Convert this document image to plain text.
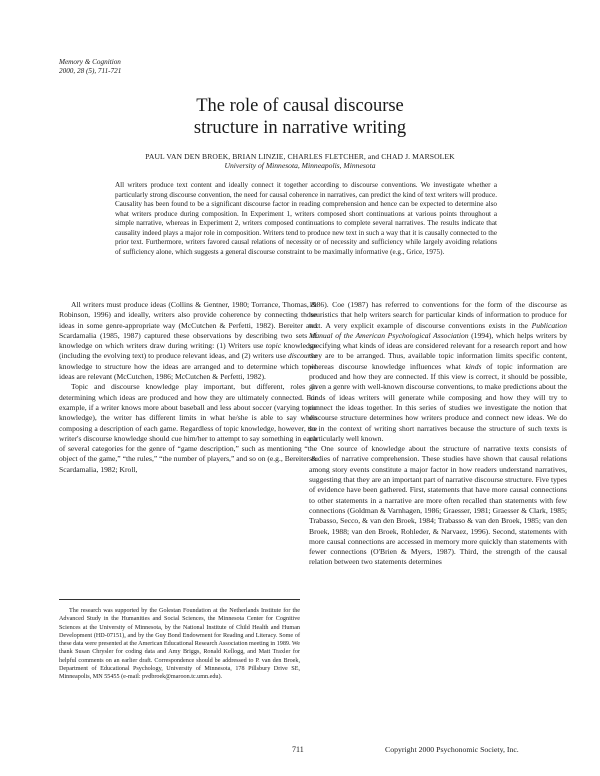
Memory & Cognition
2000, 28 (5), 711-721
The role of causal discourse
structure in narrative writing
PAUL VAN DEN BROEK, BRIAN LINZIE, CHARLES FLETCHER, and CHAD J. MARSOLEK
University of Minnesota, Minneapolis, Minnesota

All writers produce text content and ideally connect it together according to discourse conventions. We investigate whether a particularly strong discourse convention, the need for causal coherence in narratives, can predict the kind of text writers will produce. Causality has been found to be a significant discourse factor in reading comprehension and hence can be expected to determine also what writers produce during composition. In Experiment 1, writers composed short continuations at various points throughout a simple narrative, whereas in Experiment 2, writers composed continuations to complete several narratives. The results indicate that causality indeed plays a major role in composition. Writers tend to produce new text in such a way that it is causally connected to the prior text. Furthermore, writers favored causal relations of necessity or of necessity and sufficiency while largely avoiding relations of sufficiency alone, which suggests a general discourse constraint to be maximally informative (e.g., Grice, 1975).

All writers must produce ideas (Collins & Gentner, 1980; Torrance, Thomas, & Robinson, 1996) and ideally, writers also provide coherence by connecting those ideas in some genre-appropriate way (McCutchen & Perfetti, 1982). Bereiter and Scardamalia (1985, 1987) captured these observations by describing two sets of knowledge on which writers draw during writing: (1) Writers use topic knowledge (including the evolving text) to produce relevant ideas, and (2) writers use discourse knowledge to structure how the ideas are arranged and to determine which topic ideas are relevant (McCutchen, 1986; McCutchen & Perfetti, 1982).

Topic and discourse knowledge play important, but different, roles in determining which ideas are produced and how they are ultimately connected. For example, if a writer knows more about baseball and less about soccer (varying topic knowledge), the writer has different limits in what he/she is able to say when composing a description of each game. Regardless of topic knowledge, however, the writer's discourse knowledge should cue him/her to attempt to say something in each of several categories for the genre of “game description,” such as mentioning “the object of the game,” “the rules,” “the number of players,” and so on (e.g., Bereiter & Scardamalia, 1982; Kroll,

The research was supported by the Golestan Foundation at the Netherlands Institute for the Advanced Study in the Humanities and Social Sciences, the Minnesota Center for Cognitive Sciences at the University of Minnesota, by the National Institute of Child Health and Human Development (HD-07151), and by the Guy Bond Endowment for Reading and Literacy. Some of these data were presented at the American Educational Research Association meeting in 1989. We thank Susan Chrysler for coding data and Amy Briggs, Ronald Kellogg, and Matt Traxler for helpful comments on an earlier draft. Correspondence should be addressed to P. van den Broek, Department of Educational Psychology, University of Minnesota, 178 Pillsbury Drive SE, Minneapolis, MN 55455 (e-mail: pvdbroek@maroon.tc.umn.edu).

1986). Coe (1987) has referred to conventions for the form of the discourse as heuristics that help writers search for particular kinds of information to produce for text. A very explicit example of discourse conventions exists in the Publication Manual of the American Psychological Association (1994), which helps writers by specifying what kinds of ideas are considered relevant for a research report and how they are to be arranged. Thus, available topic information limits specific content, whereas discourse knowledge influences what kinds of topic information are produced and how they are connected. If this view is correct, it should be possible, given a genre with well-known discourse conventions, to make predictions about the kinds of ideas writers will generate while composing and how they will try to connect the ideas together. In this series of studies we investigate the notion that discourse structure determines how writers produce and connect new ideas. We do so in the context of writing short narratives because the structure of such texts is particularly well known.

One source of knowledge about the structure of narrative texts consists of studies of narrative comprehension. These studies have shown that causal relations among story events constitute a major factor in how readers understand narratives, suggesting that they are an important part of narrative discourse structure. Five types of evidence have been gathered. First, statements that have more causal connections to other statements in a narrative are more often recalled than statements with few connections (Goldman & Varnhagen, 1986; Graesser, 1981; Graesser & Clark, 1985; Trabasso, Secco, & van den Broek, 1984; Trabasso & van den Broek, 1985; van den Broek, 1988; van den Broek, Rohleder, & Narvaez, 1996). Second, statements with more causal connections are accessed in memory more quickly than statements with fewer connections (O'Brien & Myers, 1987). Third, the strength of the causal relation between two statements determines

711	Copyright 2000 Psychonomic Society, Inc.
